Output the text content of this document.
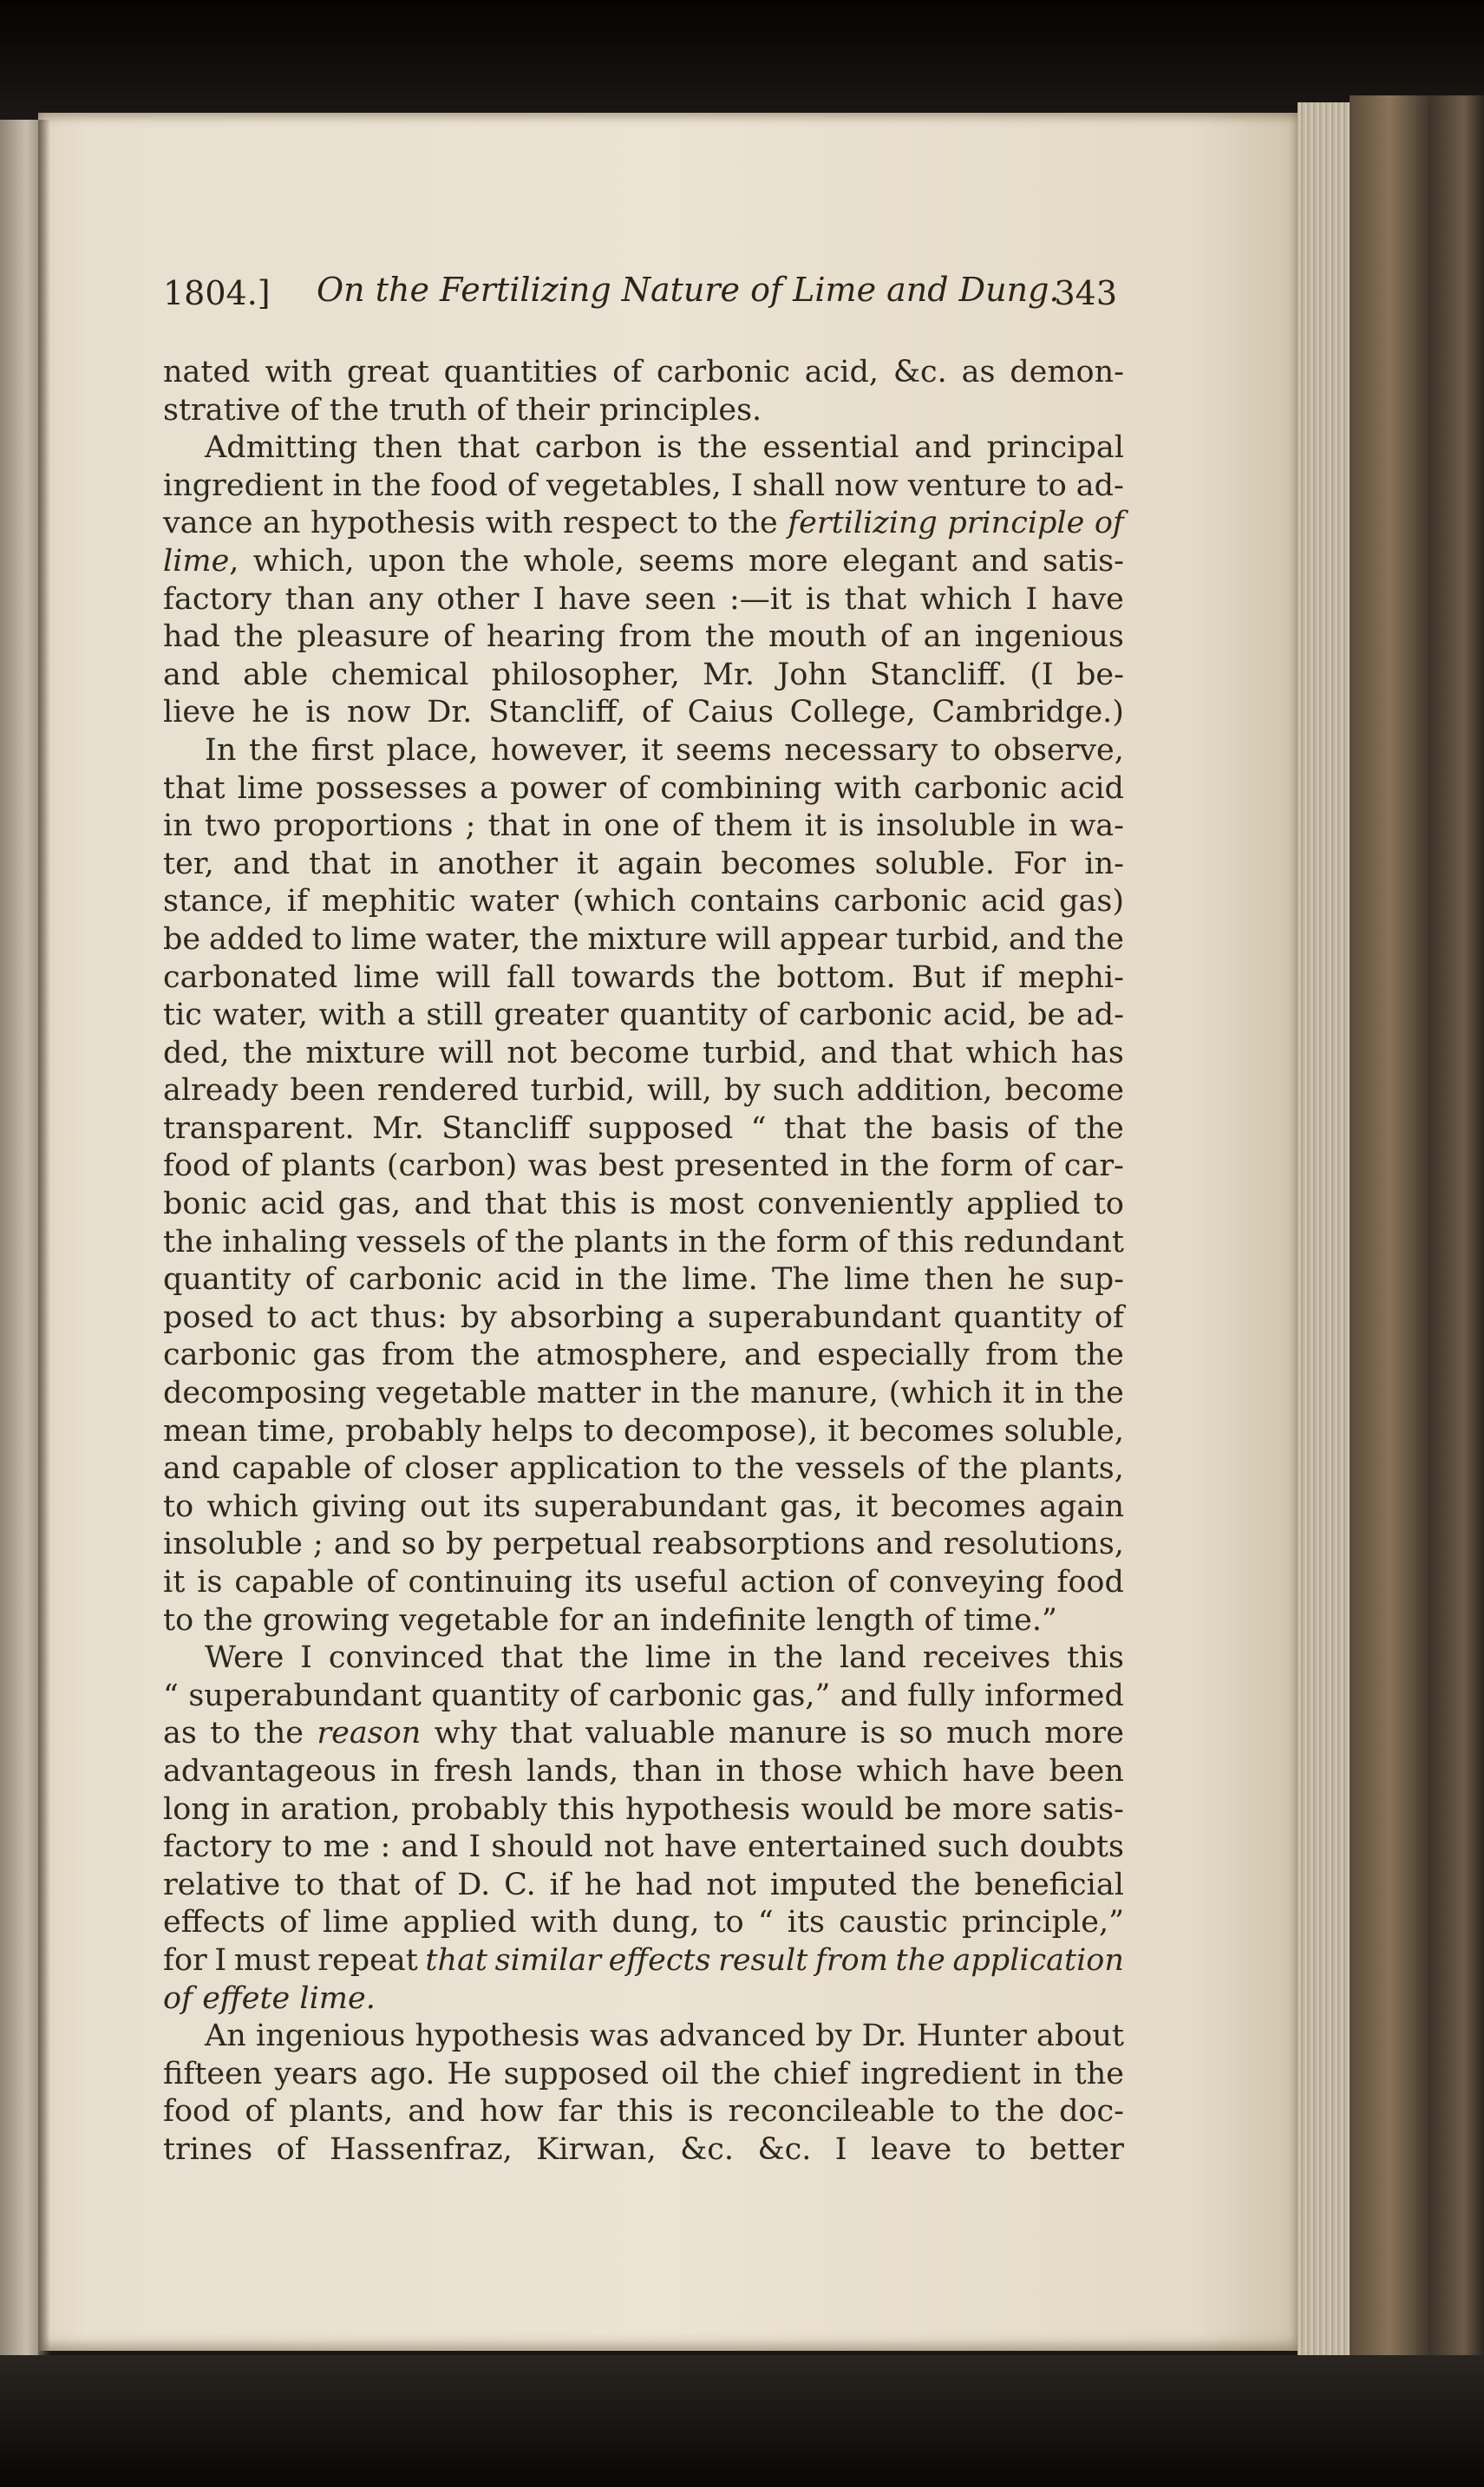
1804.] On the Fertilizing Nature of Lime and Dung.
343
nated with great quantities of carbonic acid, &c. as demon-
strative of the truth of their principles.
Admitting then that carbon is the essential and principal
ingredient in the food of vegetables, I shall now venture to ad-
vance an hypothesis with respect to the fertilizing principle of
lime, which, upon the whole, seems more elegant and satis-
factory than any other I have seen :—it is that which I have
had the pleasure of hearing from the mouth of an ingenious
and able chemical philosopher, Mr. John Stancliff. (I be-
lieve he is now Dr. Stancliff, of Caius College, Cambridge.)
In the first place, however, it seems necessary to observe,
that lime possesses a power of combining with carbonic acid
in two proportions ; that in one of them it is insoluble in wa-
ter, and that in another it again becomes soluble. For in-
stance, if mephitic water (which contains carbonic acid gas)
be added to lime water, the mixture will appear turbid, and the
carbonated lime will fall towards the bottom. But if mephi-
tic water, with a still greater quantity of carbonic acid, be ad-
ded, the mixture will not become turbid, and that which has
already been rendered turbid, will, by such addition, become
transparent. Mr. Stancliff supposed “ that the basis of the
food of plants (carbon) was best presented in the form of car-
bonic acid gas, and that this is most conveniently applied to
the inhaling vessels of the plants in the form of this redundant
quantity of carbonic acid in the lime. The lime then he sup-
posed to act thus: by absorbing a superabundant quantity of
carbonic gas from the atmosphere, and especially from the
decomposing vegetable matter in the manure, (which it in the
mean time, probably helps to decompose), it becomes soluble,
and capable of closer application to the vessels of the plants,
to which giving out its superabundant gas, it becomes again
insoluble ; and so by perpetual reabsorptions and resolutions,
it is capable of continuing its useful action of conveying food
to the growing vegetable for an indefinite length of time.”
Were I convinced that the lime in the land receives this
“ superabundant quantity of carbonic gas,” and fully informed
as to the reason why that valuable manure is so much more
advantageous in fresh lands, than in those which have been
long in aration, probably this hypothesis would be more satis-
factory to me : and I should not have entertained such doubts
relative to that of D. C. if he had not imputed the beneficial
effects of lime applied with dung, to “ its caustic principle,”
for I must repeat that similar effects result from the application
of effete lime.
An ingenious hypothesis was advanced by Dr. Hunter about
fifteen years ago. He supposed oil the chief ingredient in the
food of plants, and how far this is reconcileable to the doc-
trines of Hassenfraz, Kirwan, &c. &c. I leave to better
